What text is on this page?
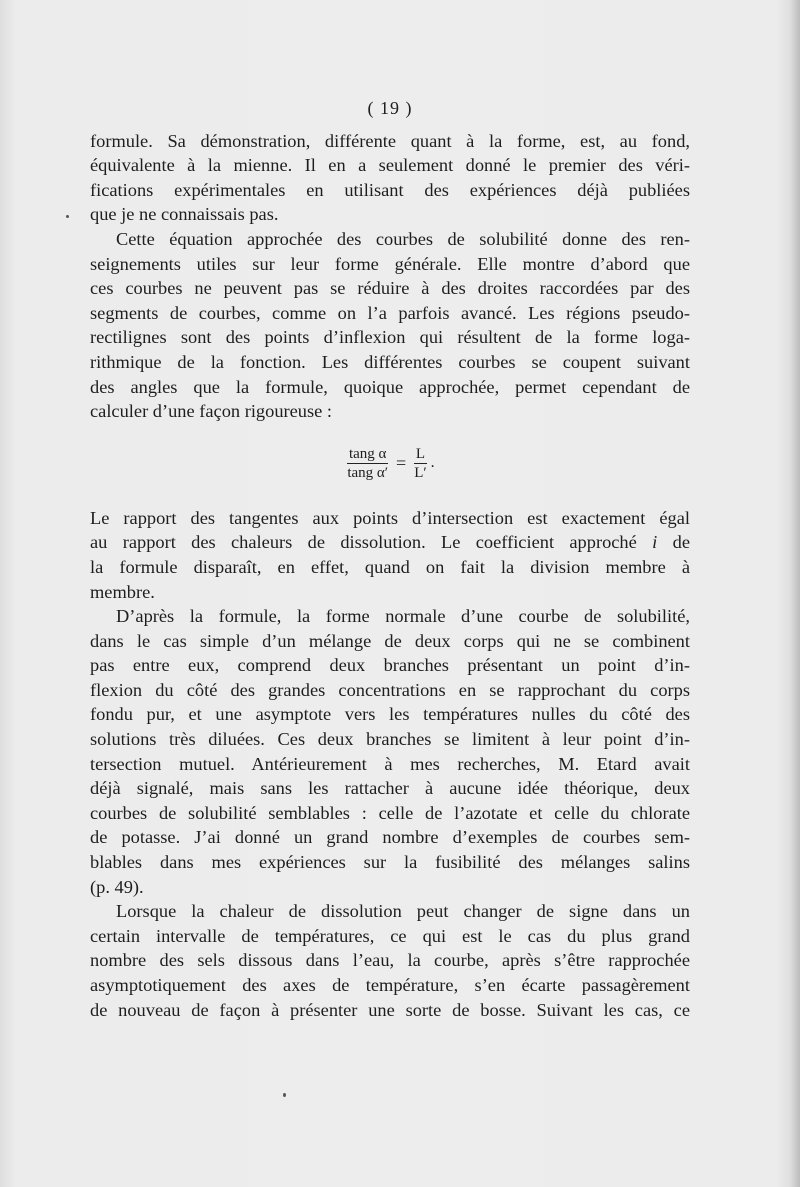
( 19 )
formule. Sa démonstration, différente quant à la forme, est, au fond,
équivalente à la mienne. Il en a seulement donné le premier des véri-
fications expérimentales en utilisant des expériences déjà publiées
que je ne connaissais pas.
Cette équation approchée des courbes de solubilité donne des ren-
seignements utiles sur leur forme générale. Elle montre d’abord que
ces courbes ne peuvent pas se réduire à des droites raccordées par des
segments de courbes, comme on l’a parfois avancé. Les régions pseudo-
rectilignes sont des points d’inflexion qui résultent de la forme loga-
rithmique de la fonction. Les différentes courbes se coupent suivant
des angles que la formule, quoique approchée, permet cependant de
calculer d’une façon rigoureuse :
$\frac{\text{tang α}}{\text{tang α′}} = \frac{L}{L'}$ .
Le rapport des tangentes aux points d’intersection est exactement égal
au rapport des chaleurs de dissolution. Le coefficient approché i de
la formule disparaît, en effet, quand on fait la division membre à
membre.
D’après la formule, la forme normale d’une courbe de solubilité,
dans le cas simple d’un mélange de deux corps qui ne se combinent
pas entre eux, comprend deux branches présentant un point d’in-
flexion du côté des grandes concentrations en se rapprochant du corps
fondu pur, et une asymptote vers les températures nulles du côté des
solutions très diluées. Ces deux branches se limitent à leur point d’in-
tersection mutuel. Antérieurement à mes recherches, M. Etard avait
déjà signalé, mais sans les rattacher à aucune idée théorique, deux
courbes de solubilité semblables : celle de l’azotate et celle du chlorate
de potasse. J’ai donné un grand nombre d’exemples de courbes sem-
blables dans mes expériences sur la fusibilité des mélanges salins
(p. 49).
Lorsque la chaleur de dissolution peut changer de signe dans un
certain intervalle de températures, ce qui est le cas du plus grand
nombre des sels dissous dans l’eau, la courbe, après s’être rapprochée
asymptotiquement des axes de température, s’en écarte passagèrement
de nouveau de façon à présenter une sorte de bosse. Suivant les cas, ce
